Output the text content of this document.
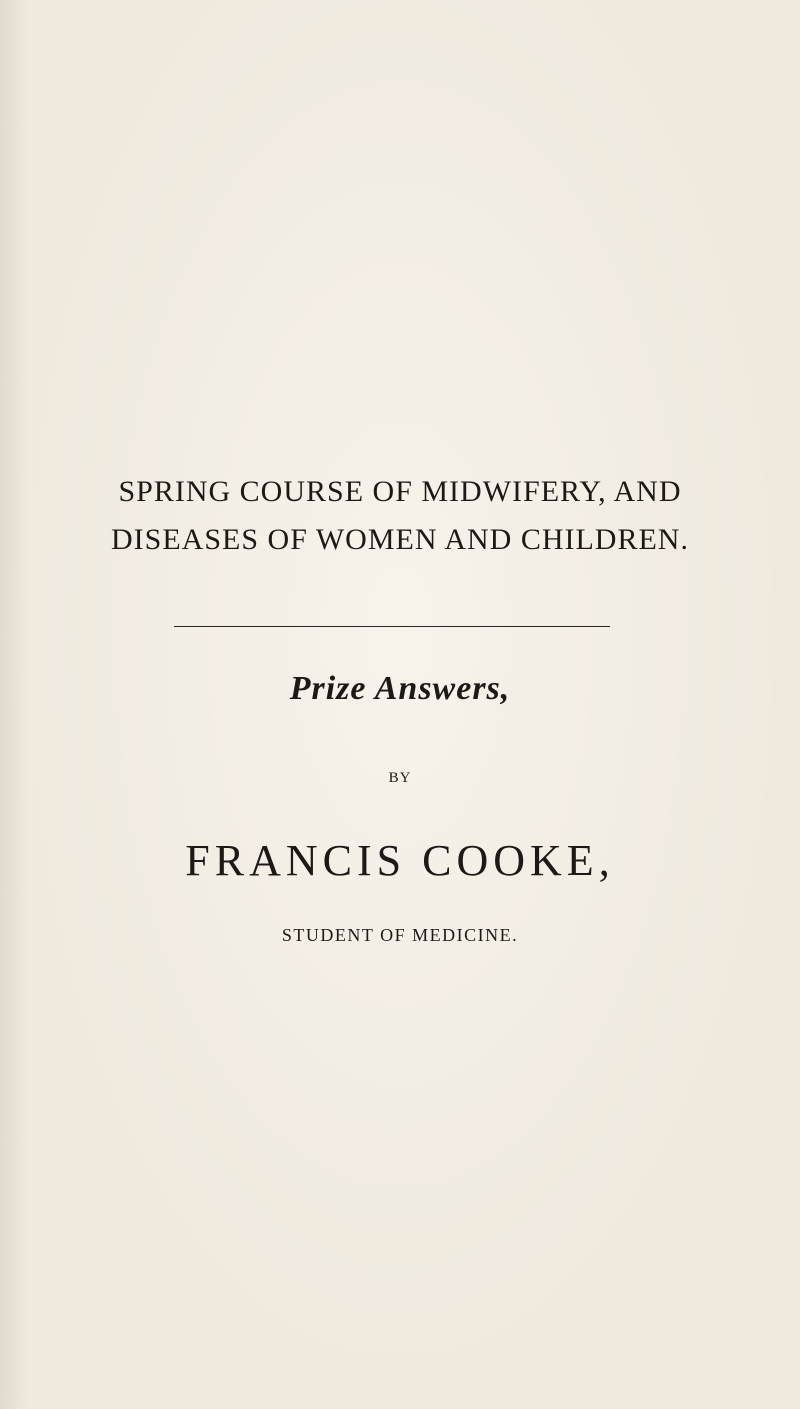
SPRING COURSE OF MIDWIFERY, AND
DISEASES OF WOMEN AND CHILDREN.
Prize Answers,
BY
FRANCIS COOKE,
STUDENT OF MEDICINE.
